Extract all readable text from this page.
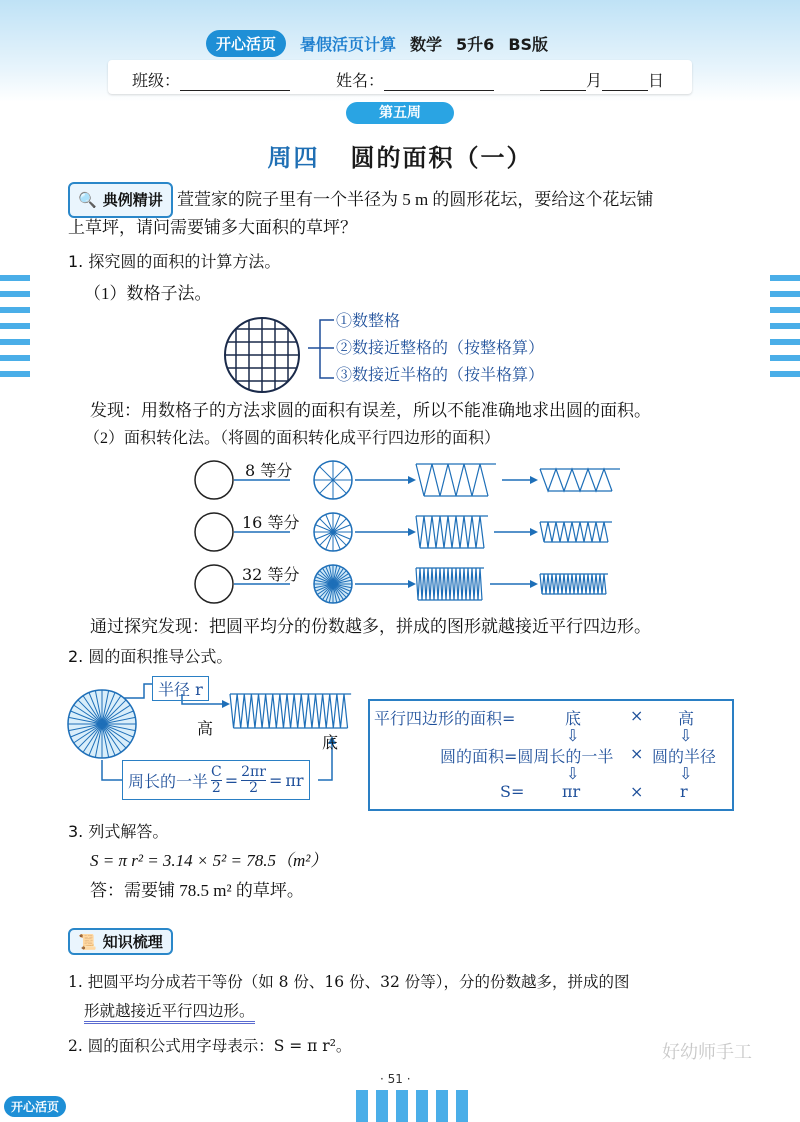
开心活页	暑假活页计算 数学 5升6 BS版
班级：	姓名：	月	日
第五周
周四 圆的面积（一）
🔍 典例精讲 萱萱家的院子里有一个半径为 5 m 的圆形花坛，要给这个花坛铺
上草坪，请问需要铺多大面积的草坪？
1. 探究圆的面积的计算方法。
（1）数格子法。
①数整格
②数接近整格的（按整格算）
③数接近半格的（按半格算）
发现：用数格子的方法求圆的面积有误差，所以不能准确地求出圆的面积。
（2）面积转化法。（将圆的面积转化成平行四边形的面积）
8 等分
16 等分
32 等分
通过探究发现：把圆平均分的份数越多，拼成的图形就越接近平行四边形。
2. 圆的面积推导公式。
半径 r
高
底
周长的一半 $\frac{C}{2} = \frac{2\pi r}{2} = \pi r$
平行四边形的面积=	底	× 高
⇩	⇩
圆的面积=圆周长的一半 × 圆的半径
⇩	⇩
S= πr	× r
3. 列式解答。
S = π r² = 3.14 × 5² = 78.5（m²）
答：需要铺 78.5 m² 的草坪。
📜 知识梳理
1. 把圆平均分成若干等份（如 8 份、16 份、32 份等），分的份数越多，拼成的图
形就越接近平行四边形。
2. 圆的面积公式用字母表示：S = π r²。
· 51 ·
开心活页
好幼师手工
